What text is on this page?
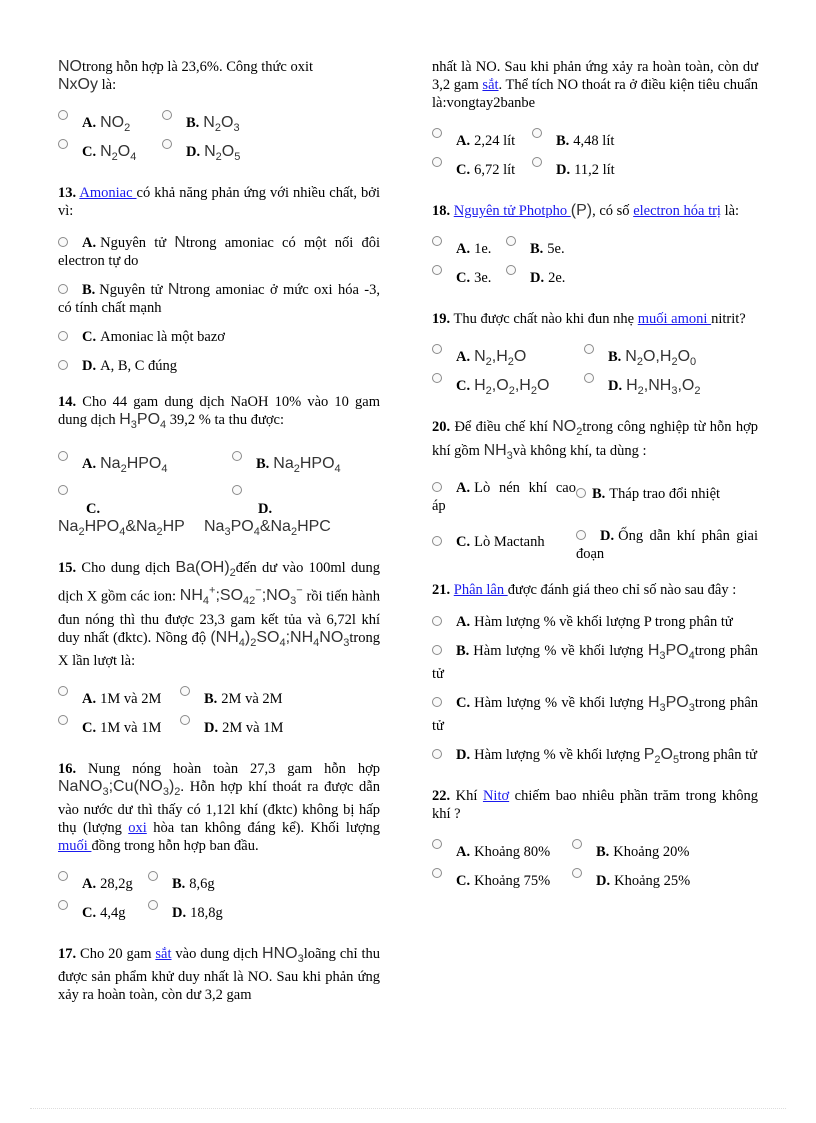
NOtrong hỗn hợp là 23,6%. Công thức oxit
NxOy là:

A. $NO_2$	B. $N_2O_3$
C. $N_2O_4$	D. $N_2O_5$

13. Amoniac có khả năng phản ứng với nhiều chất, bởi vì:

A. Nguyên tử Ntrong amoniac có một nối đôi electron tự do

B. Nguyên tử Ntrong amoniac ở mức oxi hóa -3, có tính chất mạnh

C. Amoniac là một bazơ

D. A, B, C đúng

14. Cho 44 gam dung dịch NaOH 10% vào 10 gam dung dịch $H_3PO_4$ 39,2 % ta thu được:

A. $Na_2HPO_4$	B. $Na_2HPO_4$

C.
$Na_2HPO_4\&Na_2HP$

D.
$Na_3PO_4\&Na_2HPC$

15. Cho dung dịch $Ba(OH)_2đến$ dư vào 100ml dung dịch X gồm các ion: $NH_4^+;SO_{42}^-;NO_3^-$ rồi tiến hành đun nóng thì thu được 23,3 gam kết tủa và 6,72l khí duy nhất (đktc). Nồng độ $(NH_4)_2SO_4;NH_4NO_3trong$ X lần lượt là:

A. 1M và 2M	B. 2M và 2M
C. 1M và 1M	D. 2M và 1M

16. Nung nóng hoàn toàn 27,3 gam hỗn hợp $NaNO_3;Cu(NO_3)_2$. Hỗn hợp khí thoát ra được dẫn vào nước dư thì thấy có 1,12l khí (đktc) không bị hấp thụ (lượng oxi hòa tan không đáng kể). Khối lượng muối đồng trong hỗn hợp ban đầu.

A. 28,2g	B. 8,6g
C. 4,4g	D. 18,8g

17. Cho 20 gam sắt vào dung dịch $HNO_3loãng$ chỉ thu được sản phẩm khử duy nhất là NO. Sau khi phản ứng xảy ra hoàn toàn, còn dư 3,2 gam

nhất là NO. Sau khi phản ứng xảy ra hoàn toàn, còn dư 3,2 gam sắt. Thể tích NO thoát ra ở điều kiện tiêu chuẩn là:vongtay2banbe

A. 2,24 lít	B. 4,48 lít
C. 6,72 lít	D. 11,2 lít

18. Nguyên tử Photpho (P), có số electron hóa trị là:

A. 1e.	B. 5e.
C. 3e.	D. 2e.

19. Thu được chất nào khi đun nhẹ muối amoni nitrit?

A. $N_2,H_2O$	B. $N_2O,H_2O_0$
C. $H_2,O_2,H_2O$	D. $H_2,NH_3,O_2$

20. Để điều chế khí $NO_2trong$ công nghiệp từ hỗn hợp khí gồm $NH_3và$ không khí, ta dùng :

A. Lò nén khí cao áp

B. Tháp trao đổi nhiệt

C. Lò Mactanh	D. Ống dẫn khí phân giai đoạn

21. Phân lân được đánh giá theo chỉ số nào sau đây :

A. Hàm lượng % về khối lượng P trong phân tử

B. Hàm lượng % về khối lượng $H_3PO_4trong$ phân tử

C. Hàm lượng % về khối lượng $H_3PO_3trong$ phân tử

D. Hàm lượng % về khối lượng $P_2O_5trong$ phân tử

22. Khí Nitơ chiếm bao nhiêu phần trăm trong không khí ?

A. Khoảng 80%	B. Khoảng 20%
C. Khoảng 75%	D. Khoảng 25%
